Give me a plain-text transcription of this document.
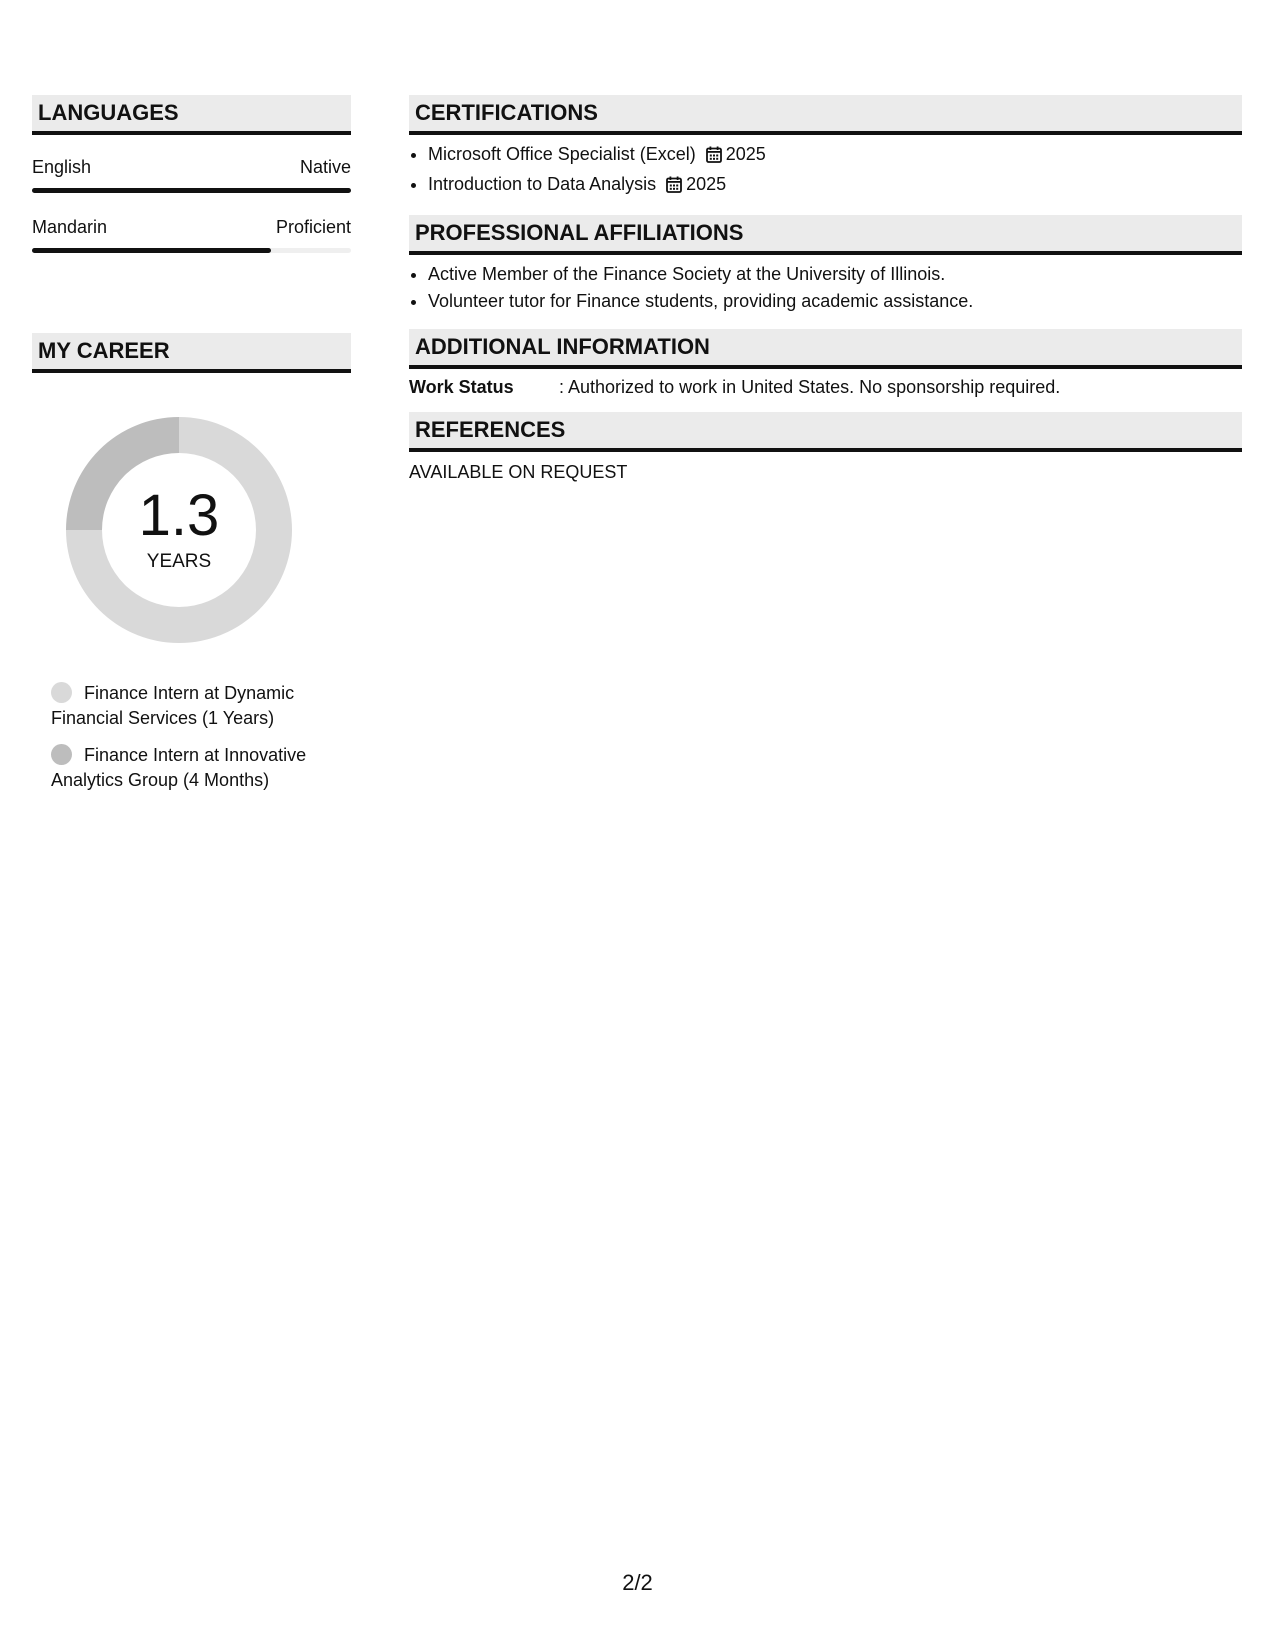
LANGUAGES
English	Native
Mandarin	Proficient
MY CAREER
1.3
YEARS
Finance Intern at Dynamic Financial Services (1 Years)
Finance Intern at Innovative Analytics Group (4 Months)
CERTIFICATIONS
• Microsoft Office Specialist (Excel) 2025
• Introduction to Data Analysis 2025
PROFESSIONAL AFFILIATIONS
• Active Member of the Finance Society at the University of Illinois.
• Volunteer tutor for Finance students, providing academic assistance.
ADDITIONAL INFORMATION
Work Status	: Authorized to work in United States. No sponsorship required.
REFERENCES
AVAILABLE ON REQUEST
2/2
